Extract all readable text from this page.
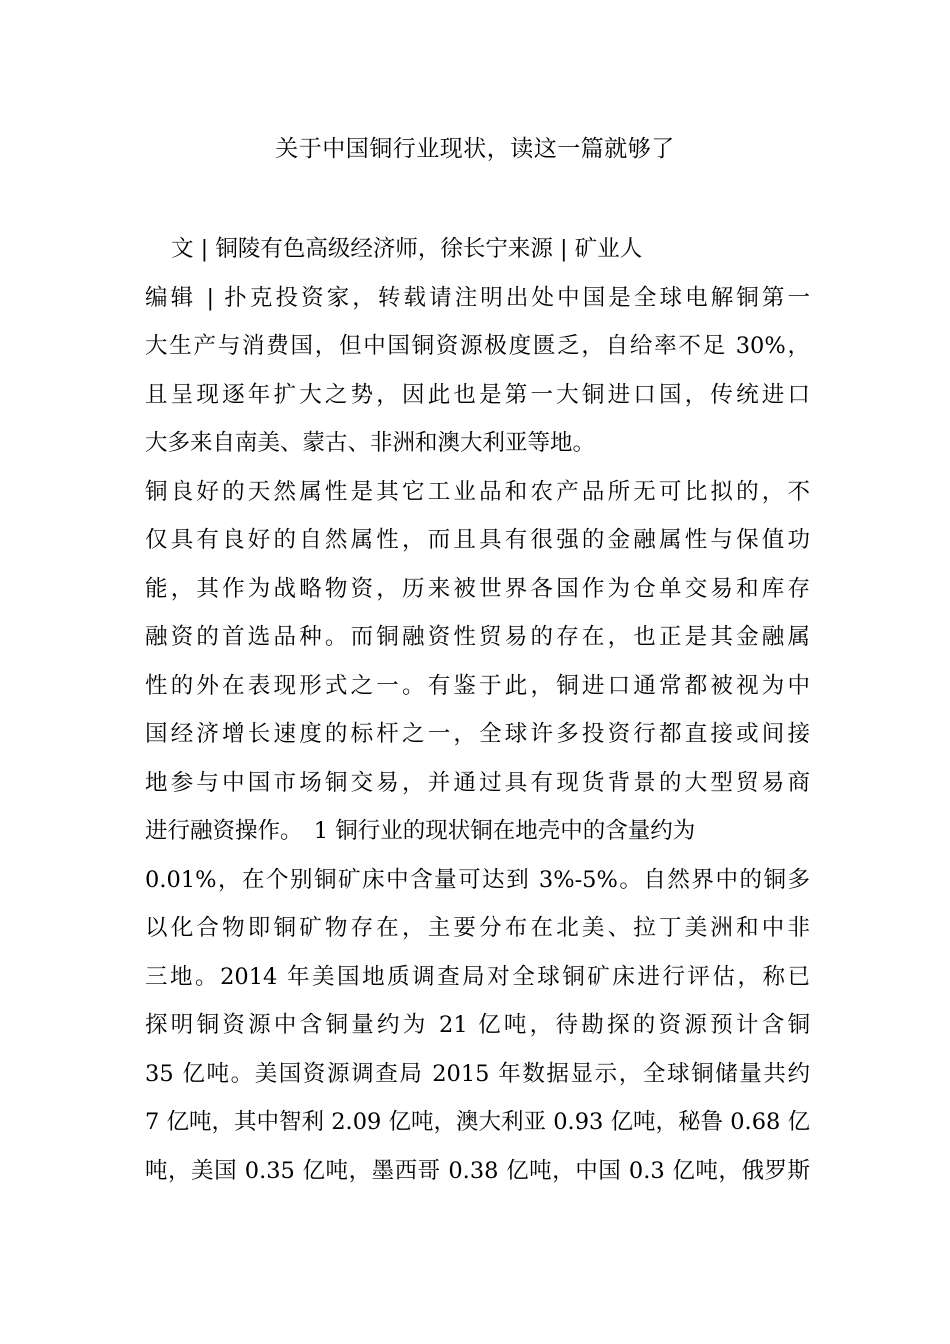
关于中国铜行业现状，读这一篇就够了
文 | 铜陵有色高级经济师，徐长宁来源 | 矿业人
编辑 | 扑克投资家，转载请注明出处中国是全球电解铜第一
大生产与消费国，但中国铜资源极度匮乏，自给率不足 30%，
且呈现逐年扩大之势，因此也是第一大铜进口国，传统进口
大多来自南美、蒙古、非洲和澳大利亚等地。
铜良好的天然属性是其它工业品和农产品所无可比拟的，不
仅具有良好的自然属性，而且具有很强的金融属性与保值功
能，其作为战略物资，历来被世界各国作为仓单交易和库存
融资的首选品种。而铜融资性贸易的存在，也正是其金融属
性的外在表现形式之一。有鉴于此，铜进口通常都被视为中
国经济增长速度的标杆之一，全球许多投资行都直接或间接
地参与中国市场铜交易，并通过具有现货背景的大型贸易商
进行融资操作。　1 铜行业的现状铜在地壳中的含量约为
0.01%，在个别铜矿床中含量可达到 3%-5%。自然界中的铜多
以化合物即铜矿物存在，主要分布在北美、拉丁美洲和中非
三地。2014 年美国地质调查局对全球铜矿床进行评估，称已
探明铜资源中含铜量约为 21 亿吨，待勘探的资源预计含铜
35 亿吨。美国资源调查局 2015 年数据显示，全球铜储量共约
7 亿吨，其中智利 2.09 亿吨，澳大利亚 0.93 亿吨，秘鲁 0.68 亿
吨，美国 0.35 亿吨，墨西哥 0.38 亿吨，中国 0.3 亿吨，俄罗斯
